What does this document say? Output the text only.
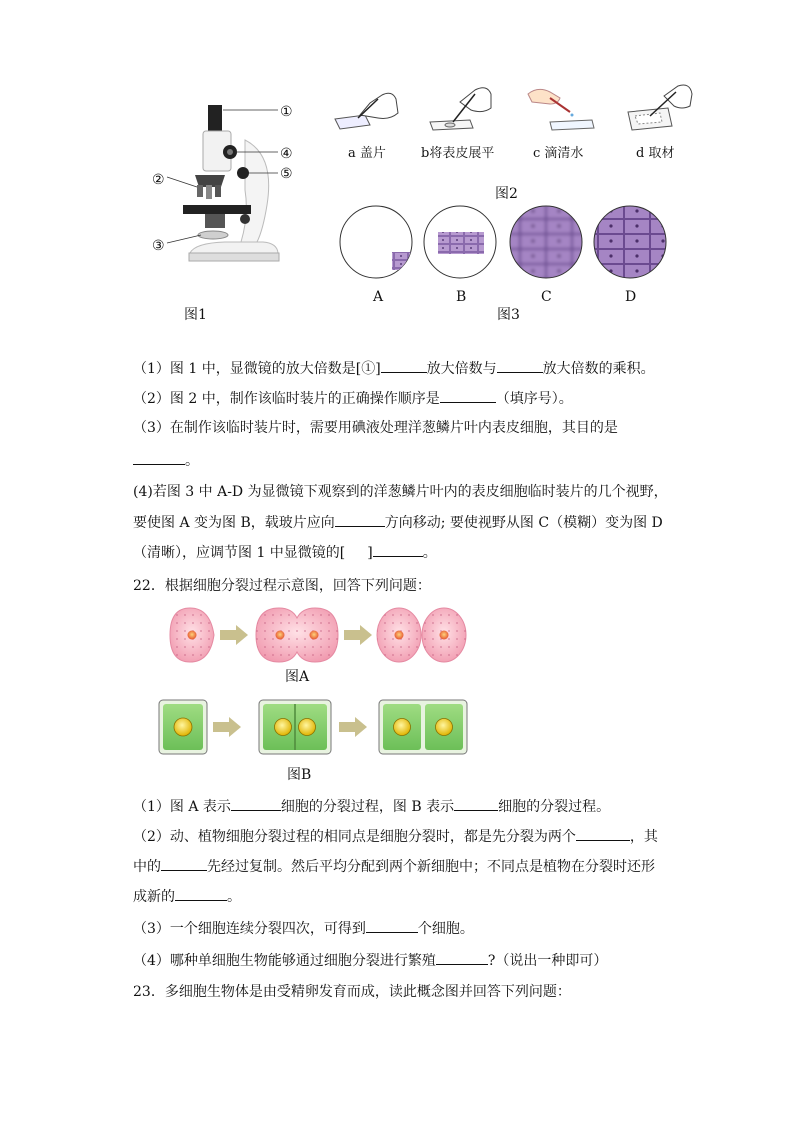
①
④
⑤
②
③
图1
a 盖片	b将表皮展平	c 滴清水	d 取材
图2
A	B	C	D
图3
（1）图 1 中，显微镜的放大倍数是[①]	放大倍数与	放大倍数的乘积。
（2）图 2 中，制作该临时装片的正确操作顺序是	（填序号）。
（3）在制作该临时装片时，需要用碘液处理洋葱鳞片叶内表皮细胞，其目的是
。
(4)若图 3 中 A-D 为显微镜下观察到的洋葱鳞片叶内的表皮细胞临时装片的几个视野，
要使图 A 变为图 B，载玻片应向	方向移动; 要使视野从图 C（模糊）变为图 D
（清晰），应调节图 1 中显微镜的[ ]	。
22．根据细胞分裂过程示意图，回答下列问题：
图A
图B
（1）图 A 表示	细胞的分裂过程，图 B 表示	细胞的分裂过程。
（2）动、植物细胞分裂过程的相同点是细胞分裂时，都是先分裂为两个	，其
中的	先经过复制。然后平均分配到两个新细胞中；不同点是植物在分裂时还形
成新的	。
（3）一个细胞连续分裂四次，可得到	个细胞。
（4）哪种单细胞生物能够通过细胞分裂进行繁殖	?（说出一种即可）
23．多细胞生物体是由受精卵发育而成，读此概念图并回答下列问题：
